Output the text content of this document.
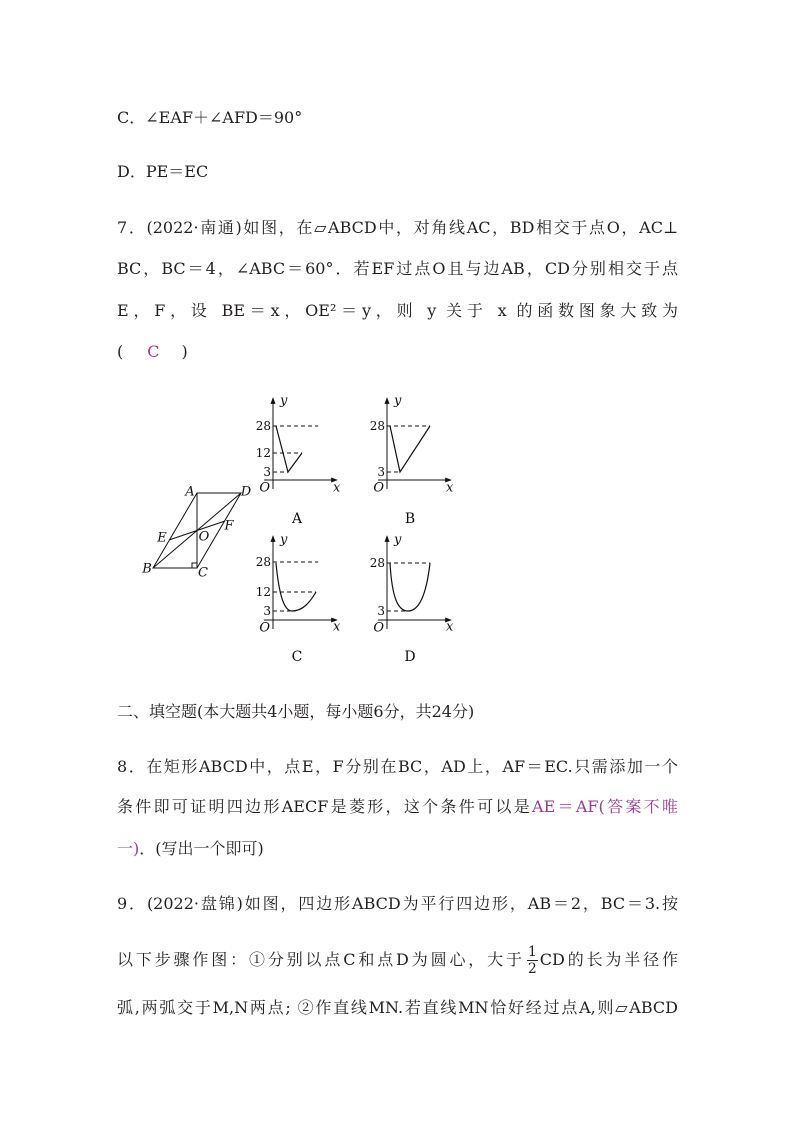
C．∠EAF＋∠AFD＝90°
D．PE＝EC
7．(2022·南通)如图，在▱ABCD中，对角线AC，BD相交于点O，AC⊥
BC，BC＝4，∠ABC＝60°．若EF过点O且与边AB，CD分别相交于点
E，F，设 BE＝x，OE²＝y，则 y 关于 x 的函数图象大致为
( C )
A	D
B	C
E
F
O
y
x
O
28
12
3
A
y
x
O
28
3
B
y
x
O
28
12
3
C
y
x
O
28
3
D
二、填空题(本大题共4小题，每小题6分，共24分)
8．在矩形ABCD中，点E，F分别在BC，AD上，AF＝EC.只需添加一个
条件即可证明四边形AECF是菱形，这个条件可以是AE＝AF(答案不唯
一)．(写出一个即可)
9．(2022·盘锦)如图，四边形ABCD为平行四边形，AB＝2，BC＝3.按
以下步骤作图：①分别以点C和点D为圆心，大于 $\frac{1}{2}$ CD的长为半径作
弧,两弧交于M,N两点; ②作直线MN.若直线MN恰好经过点A,则▱ABCD
